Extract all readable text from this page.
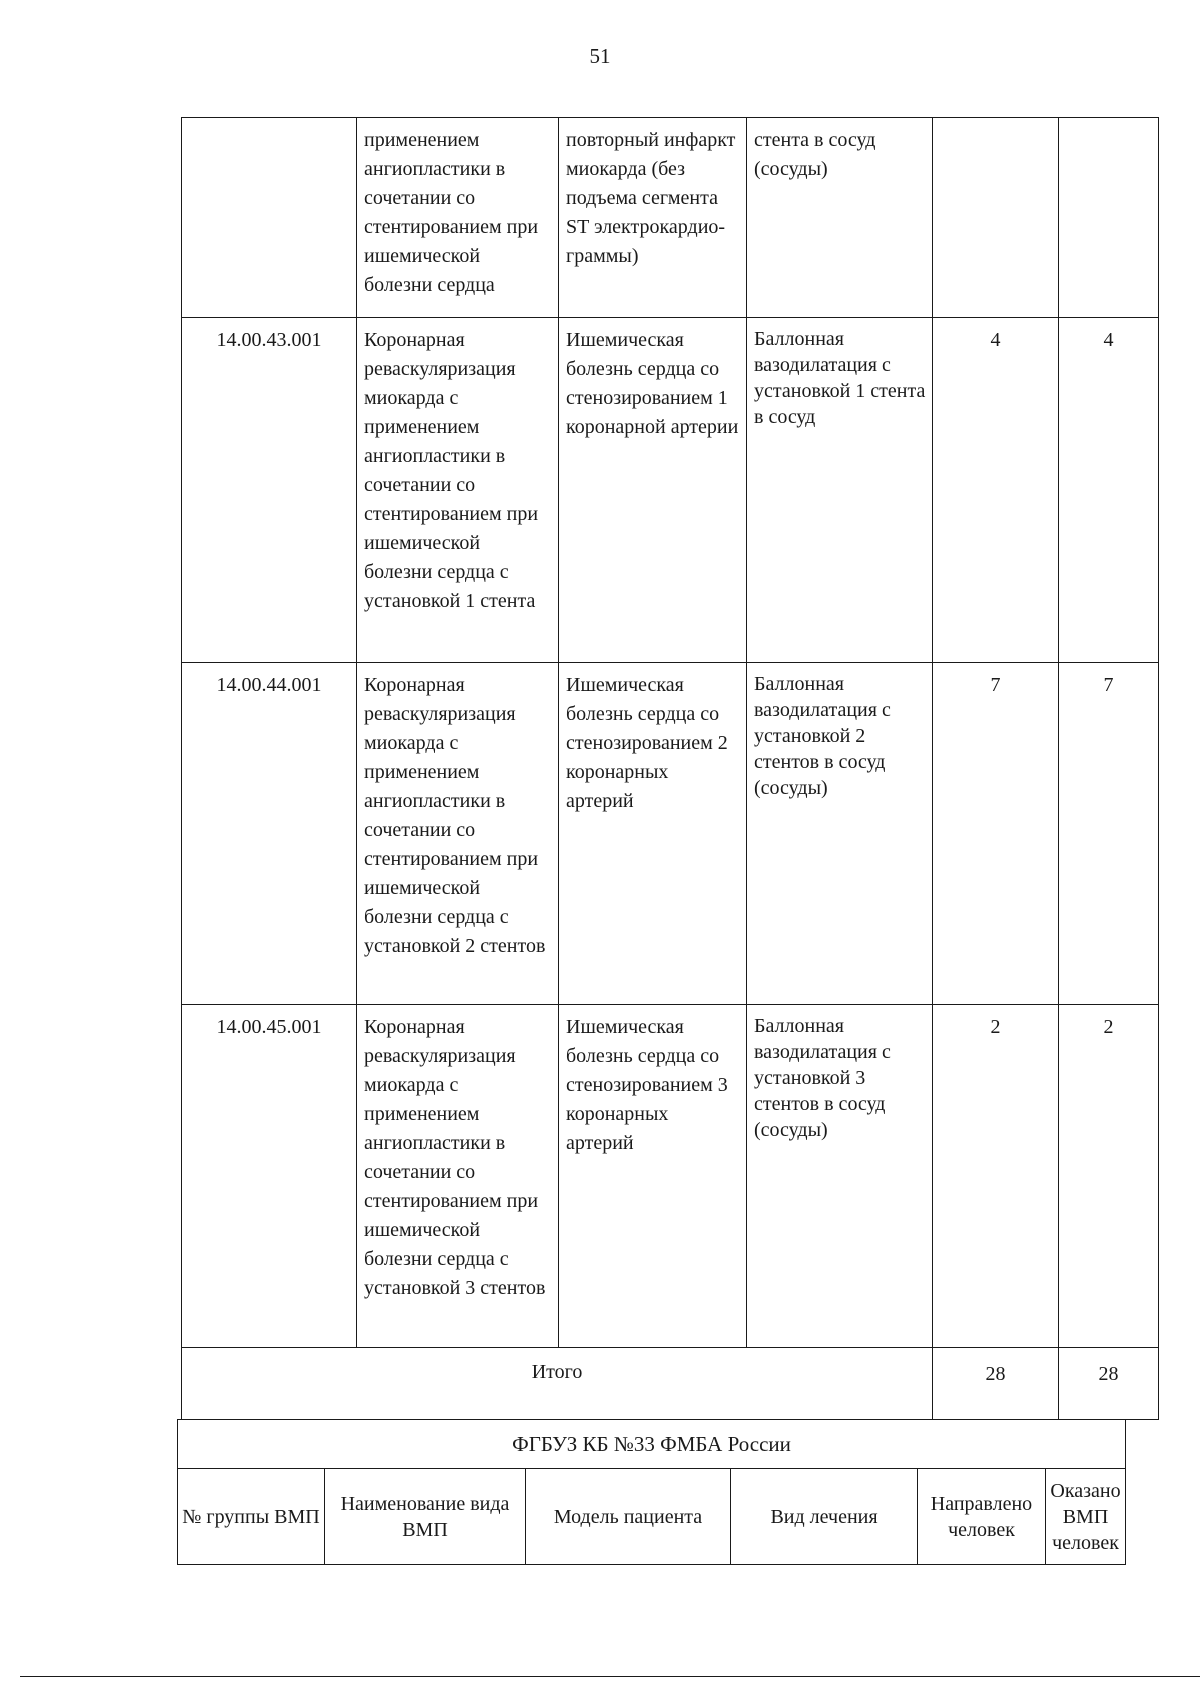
51
	применением ангиопластики в сочетании со стентированием при ишемической болезни сердца	повторный инфаркт миокарда (без подъема сегмента ST электрокардио-граммы)	стента в сосуд (сосуды)		
14.00.43.001	Коронарная реваскуляризация миокарда с применением ангиопластики в сочетании со стентированием при ишемической болезни сердца с установкой 1 стента	Ишемическая болезнь сердца со стенозированием 1 коронарной артерии	Баллонная вазодилатация с установкой 1 стента в сосуд	4	4
14.00.44.001	Коронарная реваскуляризация миокарда с применением ангиопластики в сочетании со стентированием при ишемической болезни сердца с установкой 2 стентов	Ишемическая болезнь сердца со стенозированием 2 коронарных артерий	Баллонная вазодилатация с установкой 2 стентов в сосуд (сосуды)	7	7
14.00.45.001	Коронарная реваскуляризация миокарда с применением ангиопластики в сочетании со стентированием при ишемической болезни сердца с установкой 3 стентов	Ишемическая болезнь сердца со стенозированием 3 коронарных артерий	Баллонная вазодилатация с установкой 3 стентов в сосуд (сосуды)	2	2
Итого				28	28
ФГБУЗ КБ №33 ФМБА России
№ группы ВМП	Наименование вида ВМП	Модель пациента	Вид лечения	Направлено человек	Оказано ВМП человек
